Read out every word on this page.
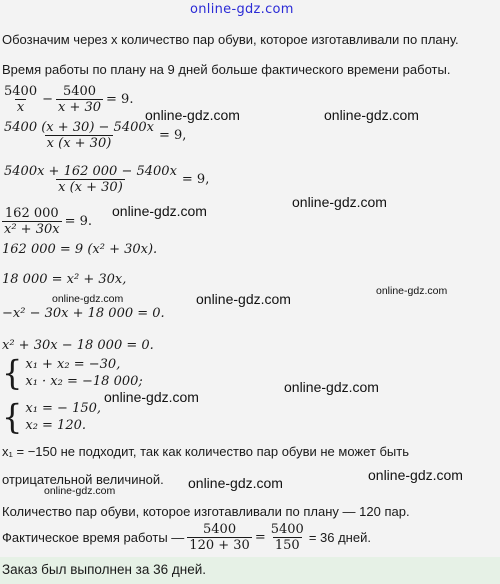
online-gdz.com
Обозначим через x количество пар обуви, которое изготавливали по плану.
Время работы по плану на 9 дней больше фактического времени работы.
$\frac{5400}{x} - \frac{5400}{x + 30} = 9$.
$\frac{5400 (x + 30) - 5400x}{x (x + 30)} = 9$,
$\frac{5400x + 162 000 - 5400x}{x (x + 30)} = 9$,
$\frac{162 000}{\text{x² + 30x}} = 9$.
162 000 = 9 (x² + 30x).
18 000 = x² + 30x,
−x² − 30x + 18 000 = 0.
x² + 30x − 18 000 = 0.
{ x₁ + x₂ = −30,
x₁ · x₂ = −18 000;
{ x₁ = − 150,
x₂ = 120.
x₁ = −150 не подходит, так как количество пар обуви не может быть
отрицательной величиной.
Количество пар обуви, которое изготавливали по плану — 120 пар.
Фактическое время работы — $\frac{5400}{120 + 30} = \frac{5400}{150} = 36$ дней.
Заказ был выполнен за 36 дней.
online-gdz.com	online-gdz.com
online-gdz.com
online-gdz.com
online-gdz.com	online-gdz.com
online-gdz.com
online-gdz.com
online-gdz.com
online-gdz.com
online-gdz.com
online-gdz.com
